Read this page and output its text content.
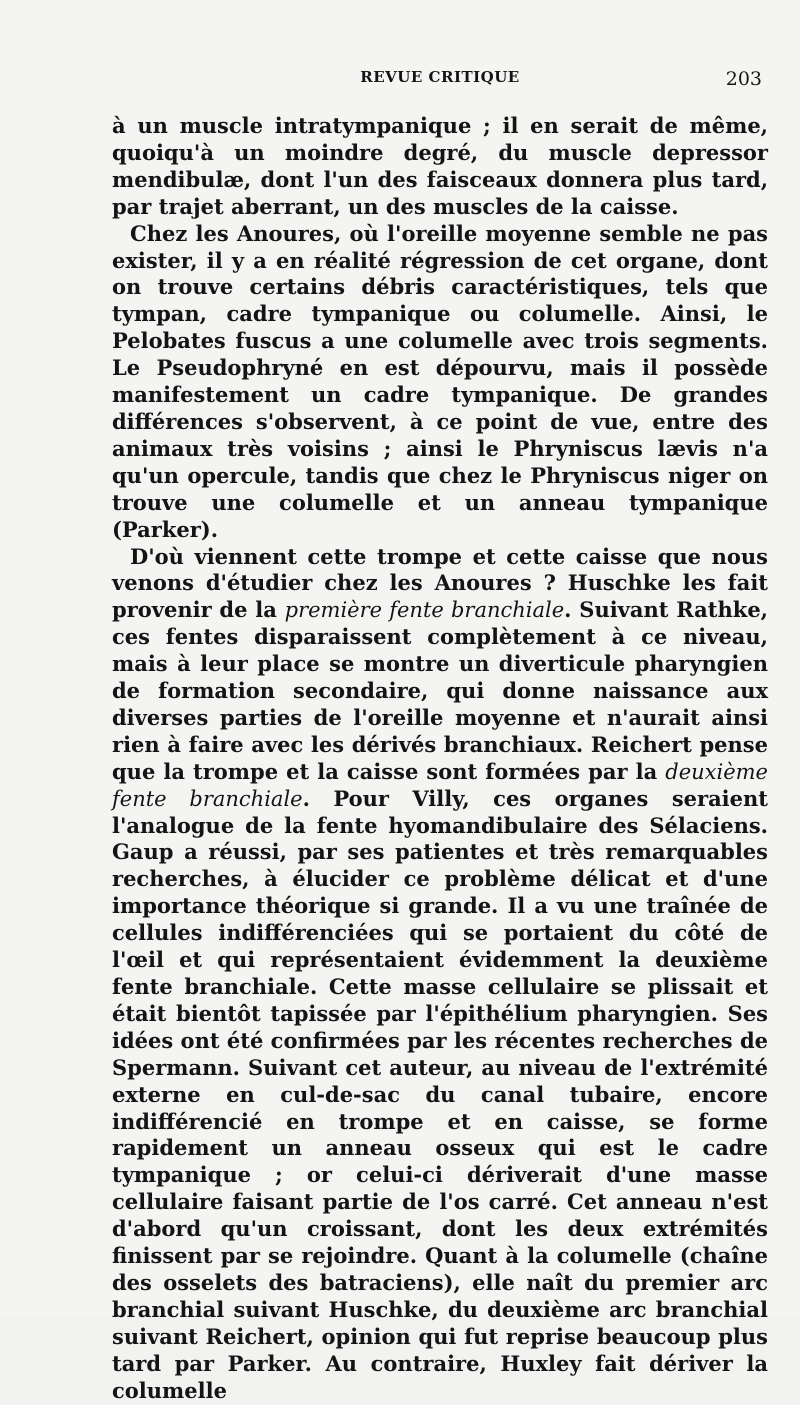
REVUE CRITIQUE	203

à un muscle intratympanique ; il en serait de même, quoiqu'à un moindre degré, du muscle depressor mendibulæ, dont l'un des faisceaux donnera plus tard, par trajet aberrant, un des muscles de la caisse.

Chez les Anoures, où l'oreille moyenne semble ne pas exister, il y a en réalité régression de cet organe, dont on trouve certains débris caractéristiques, tels que tympan, cadre tympanique ou columelle. Ainsi, le Pelobates fuscus a une columelle avec trois segments. Le Pseudophryné en est dépourvu, mais il possède manifestement un cadre tympanique. De grandes différences s'observent, à ce point de vue, entre des animaux très voisins ; ainsi le Phryniscus lævis n'a qu'un opercule, tandis que chez le Phryniscus niger on trouve une columelle et un anneau tympanique (Parker).

D'où viennent cette trompe et cette caisse que nous venons d'étudier chez les Anoures ? Huschke les fait provenir de la première fente branchiale. Suivant Rathke, ces fentes disparaissent complètement à ce niveau, mais à leur place se montre un diverticule pharyngien de formation secondaire, qui donne naissance aux diverses parties de l'oreille moyenne et n'aurait ainsi rien à faire avec les dérivés branchiaux. Reichert pense que la trompe et la caisse sont formées par la deuxième fente branchiale. Pour Villy, ces organes seraient l'analogue de la fente hyomandibulaire des Sélaciens. Gaup a réussi, par ses patientes et très remarquables recherches, à élucider ce problème délicat et d'une importance théorique si grande. Il a vu une traînée de cellules indifférenciées qui se portaient du côté de l'œil et qui représentaient évidemment la deuxième fente branchiale. Cette masse cellulaire se plissait et était bientôt tapissée par l'épithélium pharyngien. Ses idées ont été confirmées par les récentes recherches de Spermann. Suivant cet auteur, au niveau de l'extrémité externe en cul-de-sac du canal tubaire, encore indifférencié en trompe et en caisse, se forme rapidement un anneau osseux qui est le cadre tympanique ; or celui-ci dériverait d'une masse cellulaire faisant partie de l'os carré. Cet anneau n'est d'abord qu'un croissant, dont les deux extrémités finissent par se rejoindre. Quant à la columelle (chaîne des osselets des batraciens), elle naît du premier arc branchial suivant Huschke, du deuxième arc branchial suivant Reichert, opinion qui fut reprise beaucoup plus tard par Parker. Au contraire, Huxley fait dériver la columelle
